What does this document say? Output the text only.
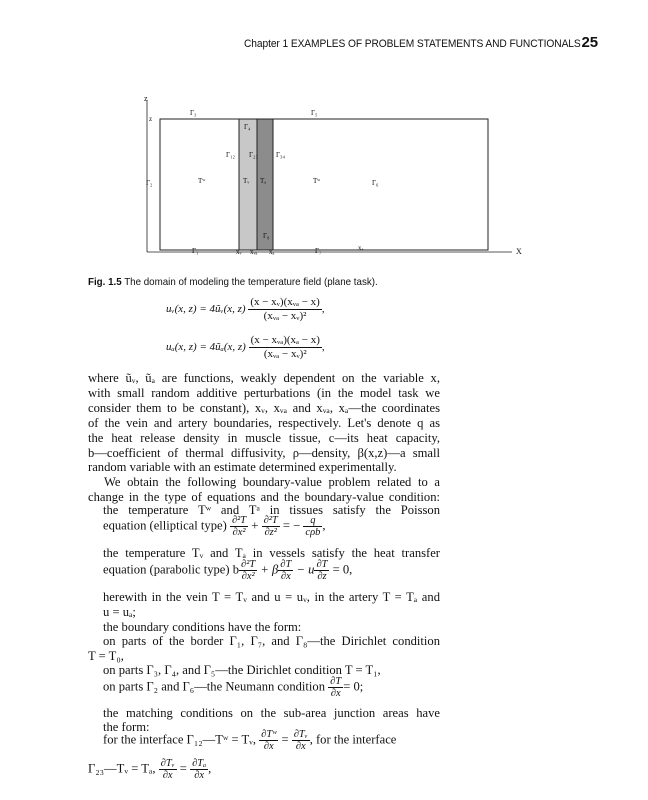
Chapter 1 EXAMPLES OF PROBLEM STATEMENTS AND FUNCTIONALS 25
z
X
z
Γ₃	Γ₅
Γ₄
Γ₁₂ Γ₂₃	Γ₃₄
Γ₂	Γ₆
Tʷ	Tᵥ Tₐ	Tʷ
Γ₈
Γ₁	Γ₇
xᵥ xᵥₐ xₐ	xₐ
Fig. 1.5 The domain of modeling the temperature field (plane task).
uᵥ(x, z) = 4ũᵥ(x, $z) \frac{\text{(x − xᵥ)(xᵥₐ − x)}}{\text{(xᵥₐ − xᵥ)²}}$ ,
uₐ(x, z) = 4ũₐ(x, $z) \frac{\text{(x − xᵥₐ)(xₐ − x)}}{\text{(xᵥₐ − xᵥ)²}}$ ,
where ũᵥ, ũₐ are functions, weakly dependent on the variable x,
with small random additive perturbations (in the model task we
consider them to be constant), xᵥ, xᵥₐ and xᵥₐ, xₐ—the coordinates
of the vein and artery boundaries, respectively. Let's denote q as
the heat release density in muscle tissue, c—its heat capacity,
b—coefficient of thermal diffusivity, ρ—density, β(x,z)—a small
random variable with an estimate determined experimentally.
We obtain the following boundary-value problem related to a
change in the type of equations and the boundary-value condition:
the temperature Tʷ and Tᵃ in tissues satisfy the Poisson
equation (elliptical type) $\frac{\text{∂²T}}{\text{∂x²}} + \frac{\text{∂²T}}{\text{∂z²}}$ = − $\frac{q}{\text{cρb}}$ ,
the temperature Tᵥ and Tₐ in vessels satisfy the heat transfer
equation (parabolic type) b $\frac{\text{∂²T}}{\text{∂x²}} + \beta \frac{\partial T}{\partial x} - u \frac{\partial T}{\partial z} = 0$,
herewith in the vein T = Tᵥ and u = uᵥ, in the artery T = Tₐ and
u = uₐ;
the boundary conditions have the form:
on parts of the border Γ₁, Γ₇, and Γ₈—the Dirichlet condition
T = T₀,
on parts Γ₃, Γ₄, and Γ₅—the Dirichlet condition T = T₁,
on parts Γ₂ and Γ₆—the Neumann condition $\frac{\partial T}{\partial x} = 0$;
the matching conditions on the sub-area junction areas have
the form:
for the interface Γ₁₂—Tʷ = Tᵥ, $\frac{\text{∂Tʷ}}{\partial x} = \frac{\text{∂Tᵥ}}{\partial x}$ , for the interface
Γ₂₃—Tᵥ = Tₐ, $\frac{\text{∂Tᵥ}}{\partial x} = \frac{\text{∂Tₐ}}{\partial x}$ ,
